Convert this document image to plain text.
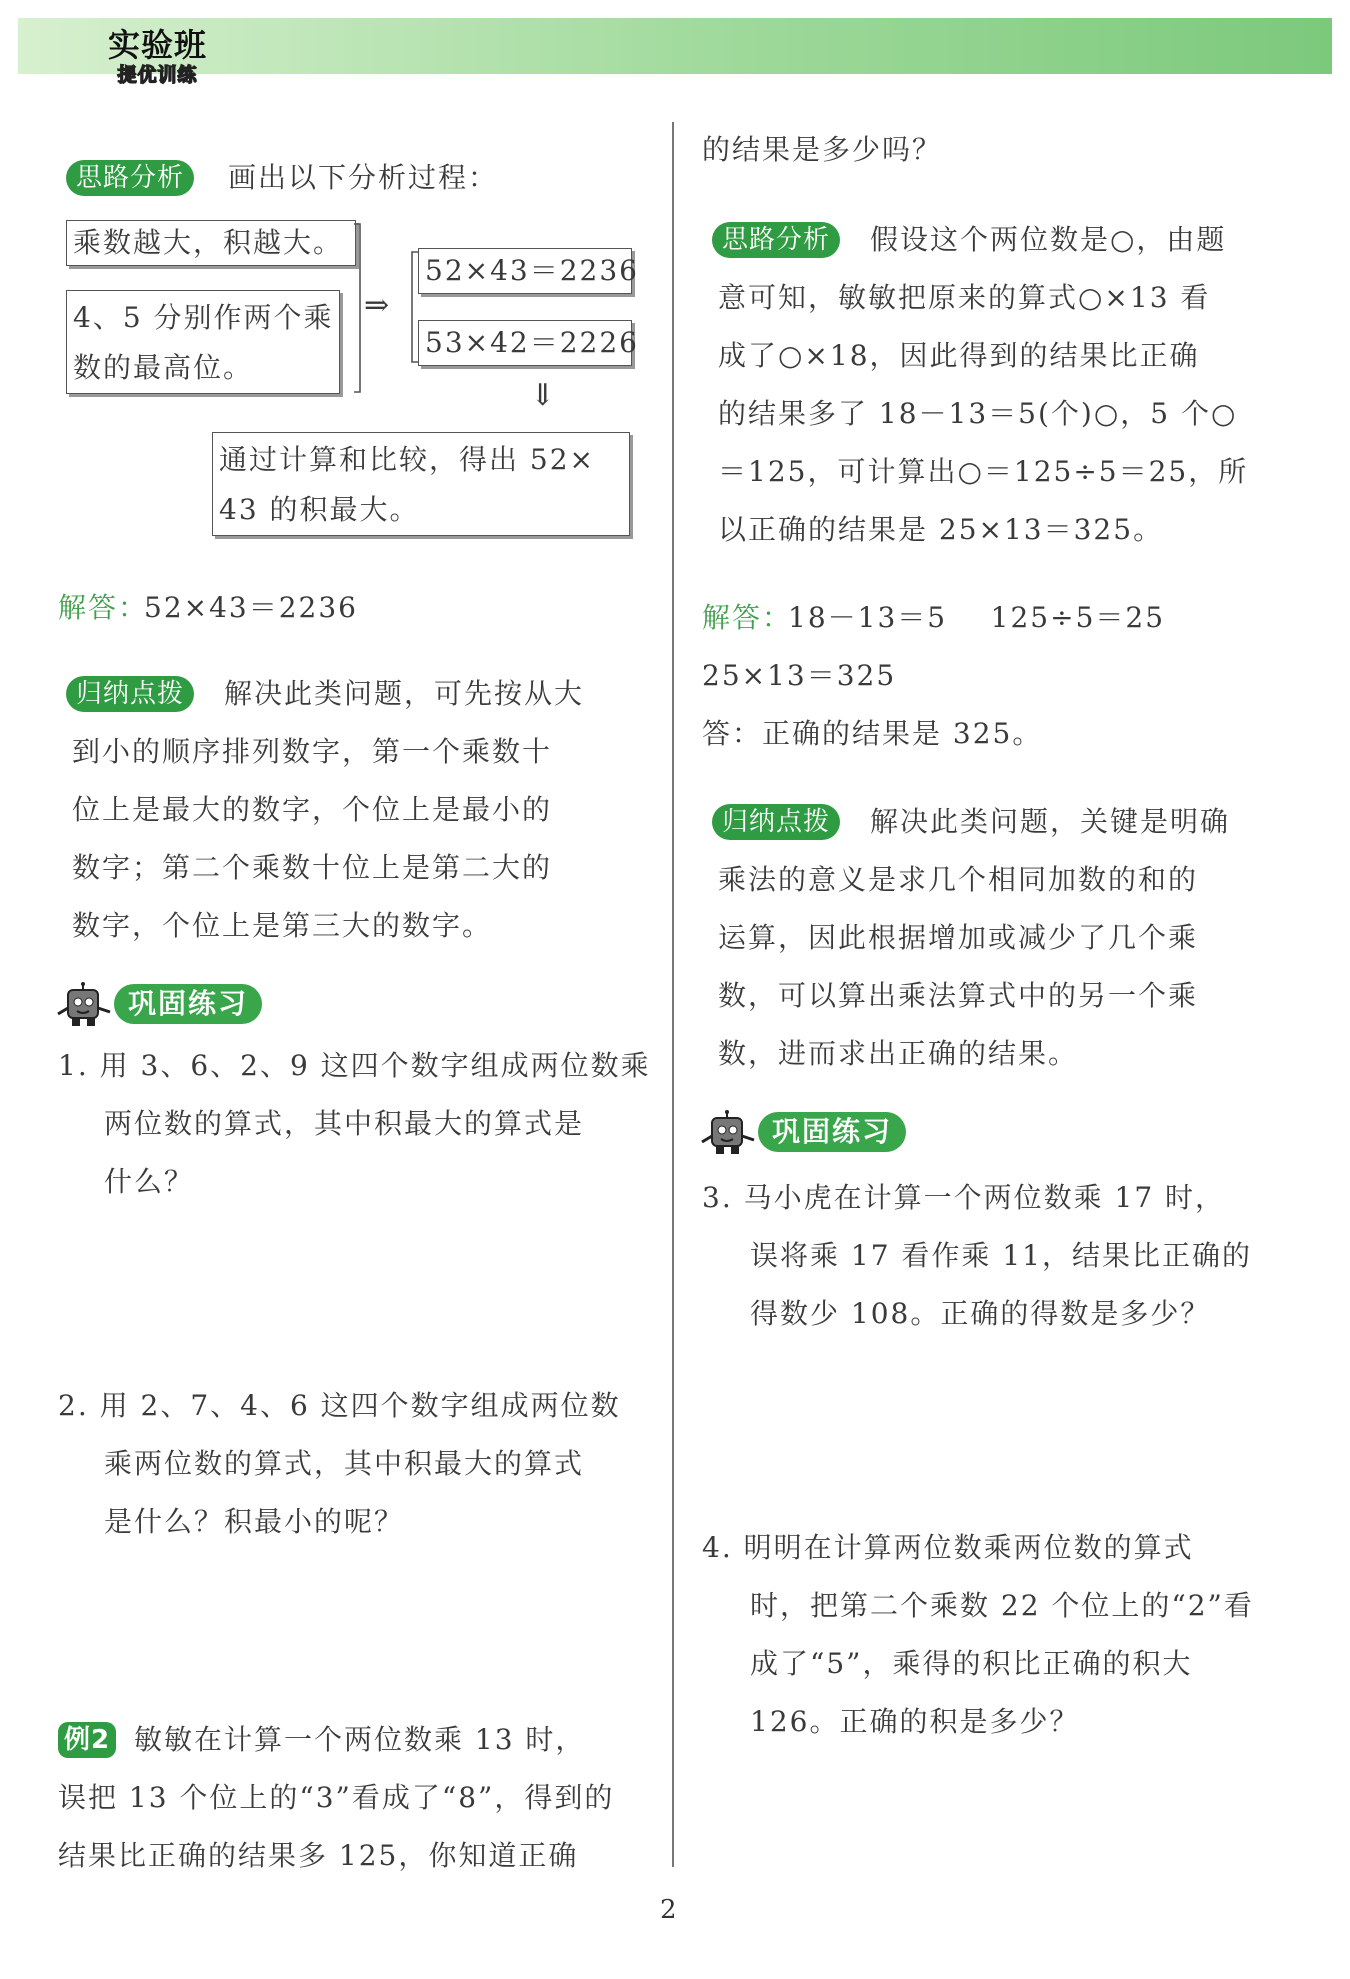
实验班
提优训练
思路分析	画出以下分析过程：
乘数越大，积越大。
4、5 分别作两个乘
数的最高位。
⇒
52×43＝2236
53×42＝2226
⇓
通过计算和比较，得出 52×
43 的积最大。
解答：
52×43＝2236
归纳点拨	解决此类问题，可先按从大
到小的顺序排列数字，第一个乘数十
位上是最大的数字，个位上是最小的
数字；第二个乘数十位上是第二大的
数字，个位上是第三大的数字。
巩固练习
1. 用 3、6、2、9 这四个数字组成两位数乘
两位数的算式，其中积最大的算式是
什么？
2. 用 2、7、4、6 这四个数字组成两位数
乘两位数的算式，其中积最大的算式
是什么？积最小的呢？
例2 敏敏在计算一个两位数乘 13 时，
误把 13 个位上的“3”看成了“8”，得到的
结果比正确的结果多 125，你知道正确
的结果是多少吗？
思路分析	假设这个两位数是○，由题
意可知，敏敏把原来的算式○×13 看
成了○×18，因此得到的结果比正确
的结果多了 18－13＝5(个)○，5 个○
＝125，可计算出○＝125÷5＝25，所
以正确的结果是 25×13＝325。
解答：
18－13＝5    125÷5＝25
25×13＝325
答：正确的结果是 325。
归纳点拨	解决此类问题，关键是明确
乘法的意义是求几个相同加数的和的
运算，因此根据增加或减少了几个乘
数，可以算出乘法算式中的另一个乘
数，进而求出正确的结果。
巩固练习
3. 马小虎在计算一个两位数乘 17 时，
误将乘 17 看作乘 11，结果比正确的
得数少 108。正确的得数是多少？
4. 明明在计算两位数乘两位数的算式
时，把第二个乘数 22 个位上的“2”看
成了“5”，乘得的积比正确的积大
126。正确的积是多少？
2
